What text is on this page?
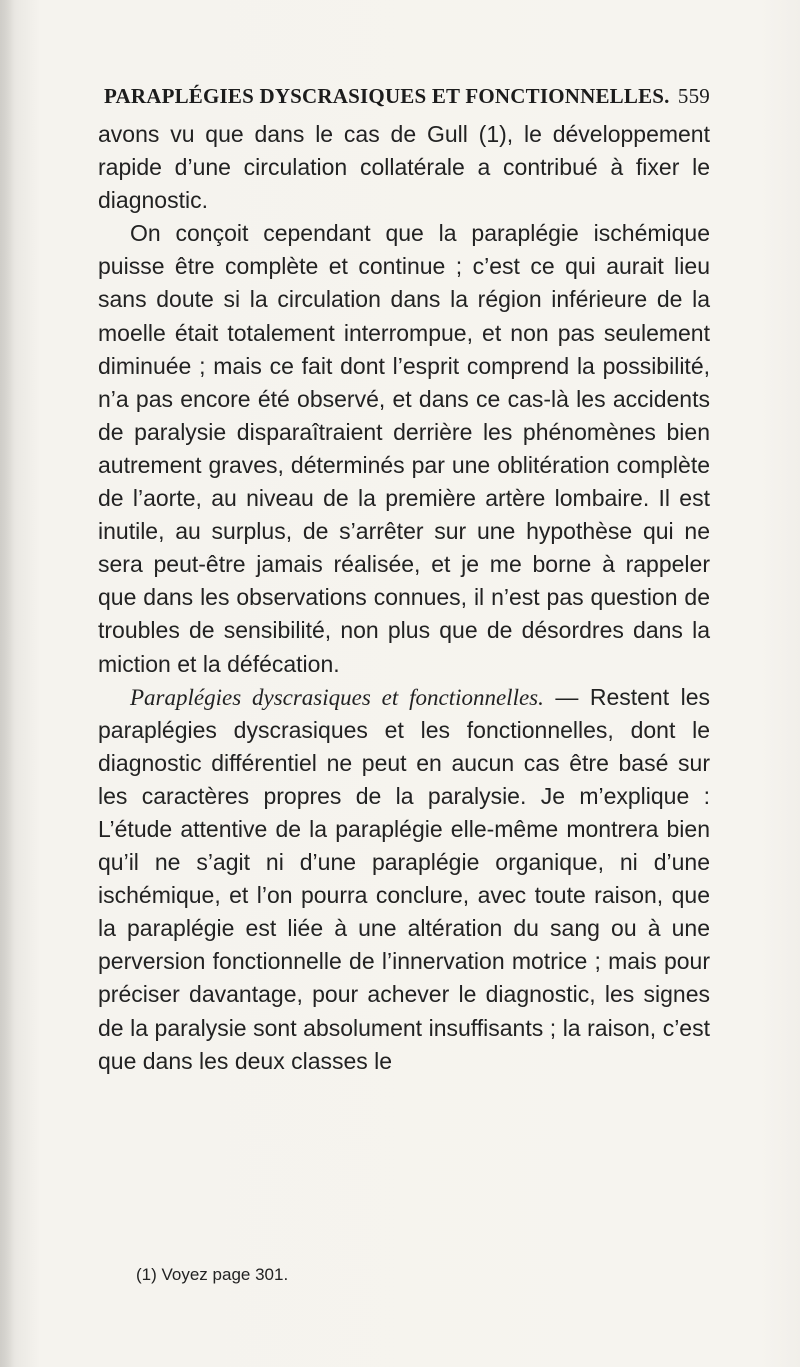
PARAPLÉGIES DYSCRASIQUES ET FONCTIONNELLES. 559

avons vu que dans le cas de Gull (1), le développement rapide d’une circulation collatérale a contribué à fixer le diagnostic.

On conçoit cependant que la paraplégie ischémique puisse être complète et continue ; c’est ce qui aurait lieu sans doute si la circulation dans la région inférieure de la moelle était totalement interrompue, et non pas seulement diminuée ; mais ce fait dont l’esprit comprend la possibilité, n’a pas encore été observé, et dans ce cas-là les accidents de paralysie disparaîtraient derrière les phénomènes bien autrement graves, déterminés par une oblitération complète de l’aorte, au niveau de la première artère lombaire. Il est inutile, au surplus, de s’arrêter sur une hypothèse qui ne sera peut-être jamais réalisée, et je me borne à rappeler que dans les observations connues, il n’est pas question de troubles de sensibilité, non plus que de désordres dans la miction et la défécation.

Paraplégies dyscrasiques et fonctionnelles. — Restent les paraplégies dyscrasiques et les fonctionnelles, dont le diagnostic différentiel ne peut en aucun cas être basé sur les caractères propres de la paralysie. Je m’explique : L’étude attentive de la paraplégie elle-même montrera bien qu’il ne s’agit ni d’une paraplégie organique, ni d’une ischémique, et l’on pourra conclure, avec toute raison, que la paraplégie est liée à une altération du sang ou à une perversion fonctionnelle de l’innervation motrice ; mais pour préciser davantage, pour achever le diagnostic, les signes de la paralysie sont absolument insuffisants ; la raison, c’est que dans les deux classes le

(1) Voyez page 301.
